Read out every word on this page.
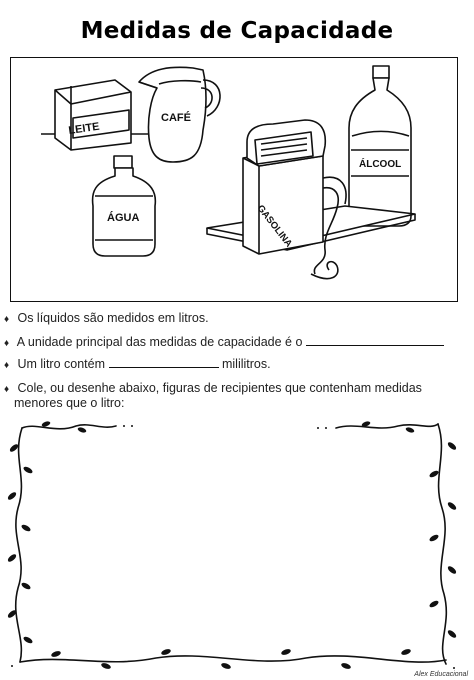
Medidas de Capacidade
LEITE
CAFÉ
ÁLCOOL
ÁGUA	GASOLINA
♦ Os líquidos são medidos em litros.
♦ A unidade principal das medidas de capacidade é o
♦ Um litro contém	mililitros.
♦ Cole, ou desenhe abaixo, figuras de recipientes que contenham medidas
menores que o litro:
Alex Educacional
